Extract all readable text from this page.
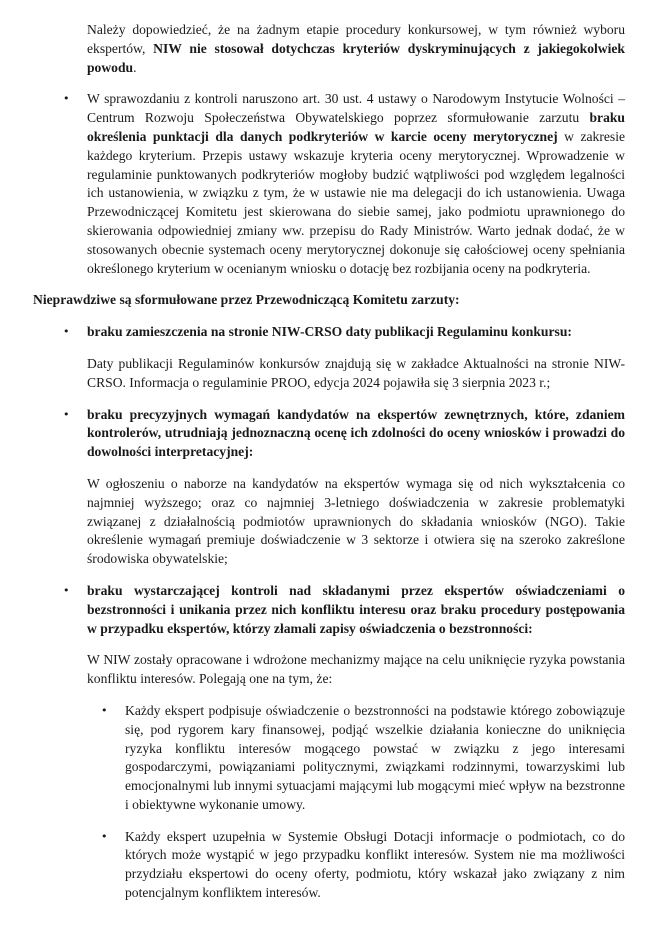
Należy dopowiedzieć, że na żadnym etapie procedury konkursowej, w tym również wyboru ekspertów, NIW nie stosował dotychczas kryteriów dyskryminujących z jakiegokolwiek powodu.
• W sprawozdaniu z kontroli naruszono art. 30 ust. 4 ustawy o Narodowym Instytucie Wolności – Centrum Rozwoju Społeczeństwa Obywatelskiego poprzez sformułowanie zarzutu braku określenia punktacji dla danych podkryteriów w karcie oceny merytorycznej w zakresie każdego kryterium. Przepis ustawy wskazuje kryteria oceny merytorycznej. Wprowadzenie w regulaminie punktowanych podkryteriów mogłoby budzić wątpliwości pod względem legalności ich ustanowienia, w związku z tym, że w ustawie nie ma delegacji do ich ustanowienia. Uwaga Przewodniczącej Komitetu jest skierowana do siebie samej, jako podmiotu uprawnionego do skierowania odpowiedniej zmiany ww. przepisu do Rady Ministrów. Warto jednak dodać, że w stosowanych obecnie systemach oceny merytorycznej dokonuje się całościowej oceny spełniania określonego kryterium w ocenianym wniosku o dotację bez rozbijania oceny na podkryteria.
Nieprawdziwe są sformułowane przez Przewodniczącą Komitetu zarzuty:
• braku zamieszczenia na stronie NIW-CRSO daty publikacji Regulaminu konkursu:
Daty publikacji Regulaminów konkursów znajdują się w zakładce Aktualności na stronie NIW-CRSO. Informacja o regulaminie PROO, edycja 2024 pojawiła się 3 sierpnia 2023 r.;
• braku precyzyjnych wymagań kandydatów na ekspertów zewnętrznych, które, zdaniem kontrolerów, utrudniają jednoznaczną ocenę ich zdolności do oceny wniosków i prowadzi do dowolności interpretacyjnej:
W ogłoszeniu o naborze na kandydatów na ekspertów wymaga się od nich wykształcenia co najmniej wyższego; oraz co najmniej 3-letniego doświadczenia w zakresie problematyki związanej z działalnością podmiotów uprawnionych do składania wniosków (NGO). Takie określenie wymagań premiuje doświadczenie w 3 sektorze i otwiera się na szeroko zakreślone środowiska obywatelskie;
• braku wystarczającej kontroli nad składanymi przez ekspertów oświadczeniami o bezstronności i unikania przez nich konfliktu interesu oraz braku procedury postępowania w przypadku ekspertów, którzy złamali zapisy oświadczenia o bezstronności:
W NIW zostały opracowane i wdrożone mechanizmy mające na celu uniknięcie ryzyka powstania konfliktu interesów. Polegają one na tym, że:
• Każdy ekspert podpisuje oświadczenie o bezstronności na podstawie którego zobowiązuje się, pod rygorem kary finansowej, podjąć wszelkie działania konieczne do uniknięcia ryzyka konfliktu interesów mogącego powstać w związku z jego interesami gospodarczymi, powiązaniami politycznymi, związkami rodzinnymi, towarzyskimi lub emocjonalnymi lub innymi sytuacjami mającymi lub mogącymi mieć wpływ na bezstronne i obiektywne wykonanie umowy.
• Każdy ekspert uzupełnia w Systemie Obsługi Dotacji informacje o podmiotach, co do których może wystąpić w jego przypadku konflikt interesów. System nie ma możliwości przydziału ekspertowi do oceny oferty, podmiotu, który wskazał jako związany z nim potencjalnym konfliktem interesów.
